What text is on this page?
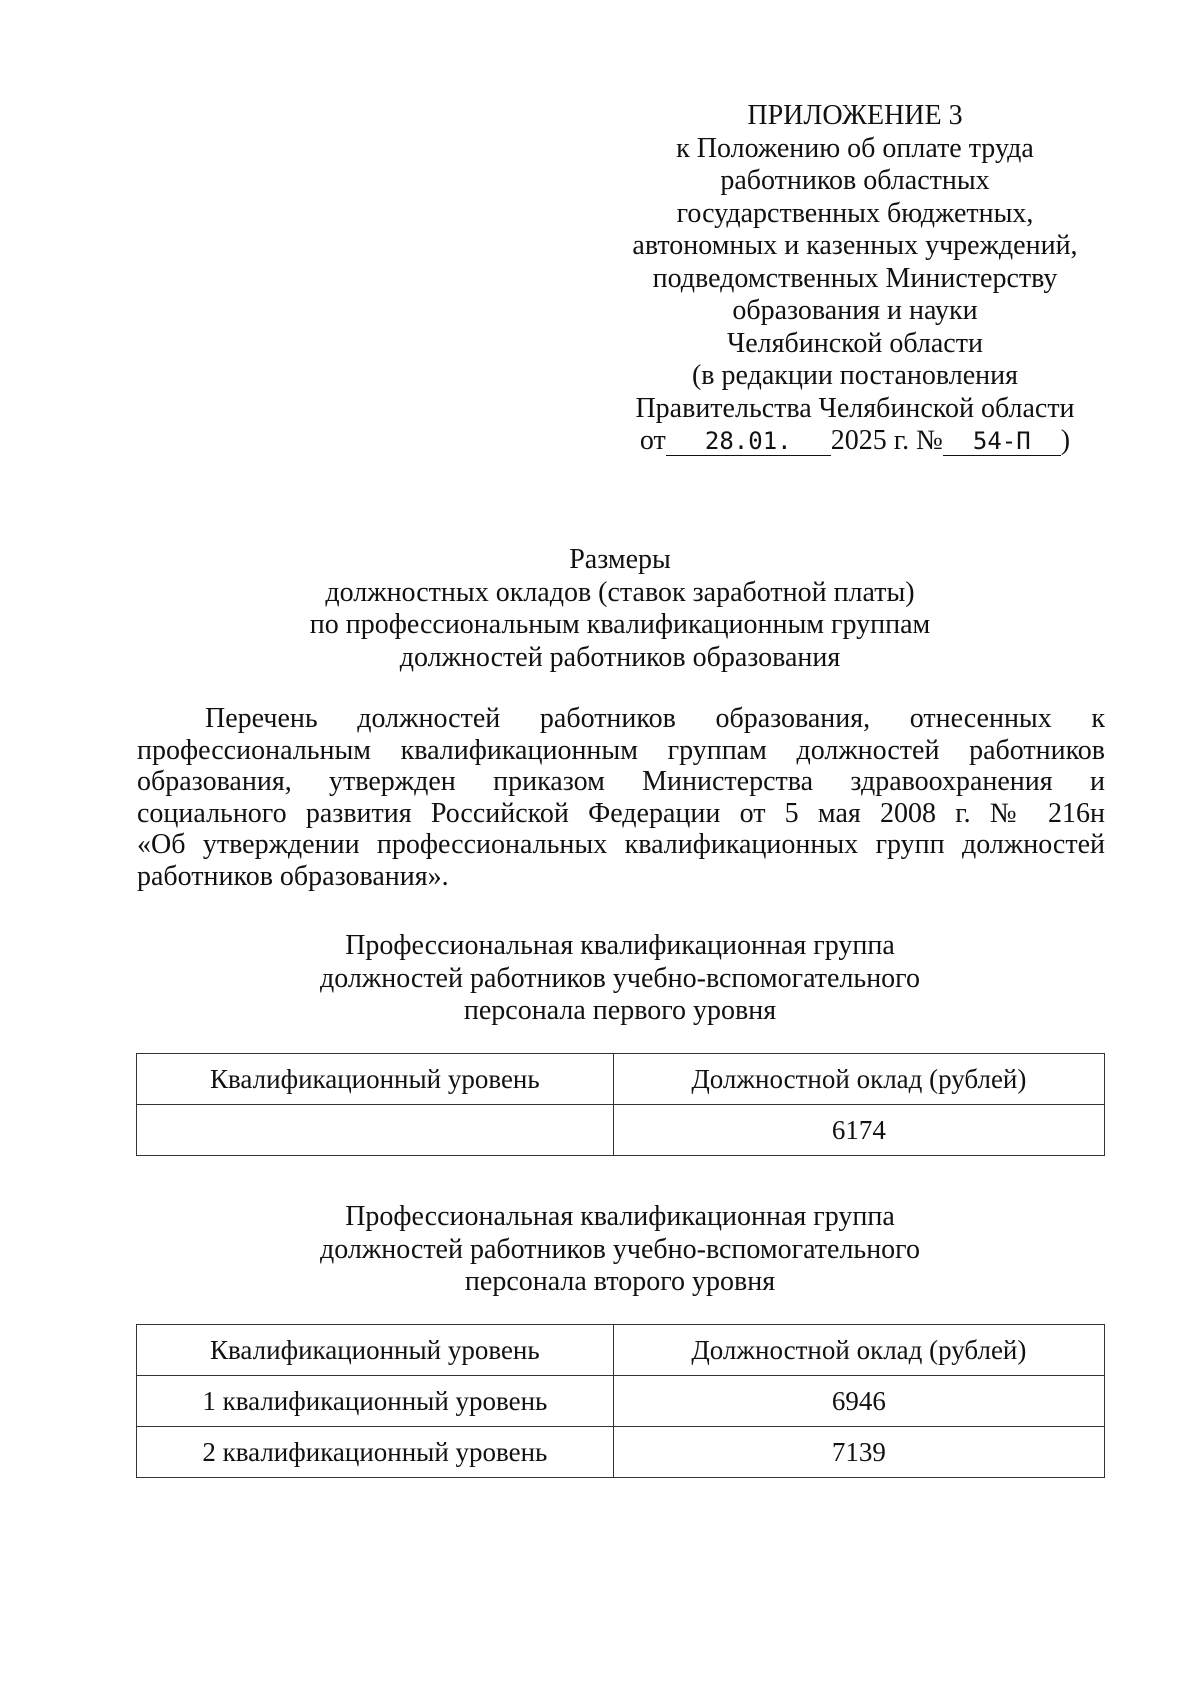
ПРИЛОЖЕНИЕ 3
к Положению об оплате труда
работников областных
государственных бюджетных,
автономных и казенных учреждений,
подведомственных Министерству
образования и науки
Челябинской области
(в редакции постановления
Правительства Челябинской области
от 28.01. 2025 г. № 54-П )
Размеры
должностных окладов (ставок заработной платы)
по профессиональным квалификационным группам
должностей работников образования
Перечень должностей работников образования, отнесенных к
профессиональным квалификационным группам должностей работников
образования, утвержден приказом Министерства здравоохранения и
социального развития Российской Федерации от 5 мая 2008 г. № 216н
«Об утверждении профессиональных квалификационных групп должностей
работников образования».
Профессиональная квалификационная группа
должностей работников учебно-вспомогательного
персонала первого уровня
Квалификационный уровень	Должностной оклад (рублей)
	6174
Профессиональная квалификационная группа
должностей работников учебно-вспомогательного
персонала второго уровня
Квалификационный уровень	Должностной оклад (рублей)
1 квалификационный уровень	6946
2 квалификационный уровень	7139
